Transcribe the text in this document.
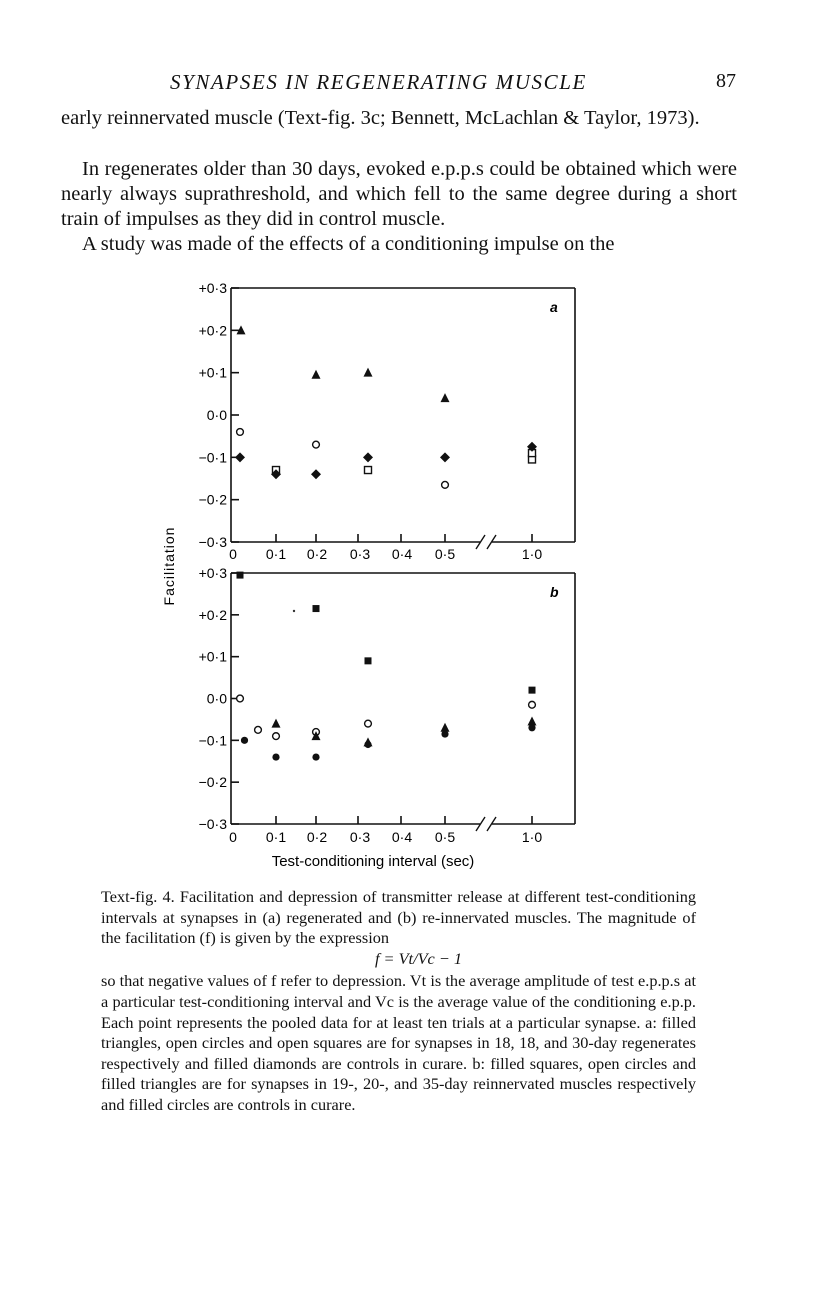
SYNAPSES IN REGENERATING MUSCLE	87

early reinnervated muscle (Text-fig. 3c; Bennett, McLachlan & Taylor, 1973).

In regenerates older than 30 days, evoked e.p.p.s could be obtained which were nearly always suprathreshold, and which fell to the same degree during a short train of impulses as they did in control muscle.

A study was made of the effects of a conditioning impulse on the

+0·3
+0·2
+0·1
0·0
−0·1
−0·2
−0·3
0 0·1 0·2 0·3 0·4 0·5	1·0
a
+0·3
+0·2
+0·1
0·0
−0·1
−0·2
−0·3
0 0·1 0·2 0·3 0·4 0·5	1·0
b
Facilitation
Test-conditioning interval (sec)

Text-fig. 4. Facilitation and depression of transmitter release at different test-conditioning intervals at synapses in (a) regenerated and (b) re-innervated muscles. The magnitude of the facilitation (f) is given by the expression

f = Vt/Vc − 1

so that negative values of f refer to depression. Vt is the average amplitude of test e.p.p.s at a particular test-conditioning interval and Vc is the average value of the conditioning e.p.p. Each point represents the pooled data for at least ten trials at a particular synapse. a: filled triangles, open circles and open squares are for synapses in 18, 18, and 30-day regenerates respectively and filled diamonds are controls in curare. b: filled squares, open circles and filled triangles are for synapses in 19-, 20-, and 35-day reinnervated muscles respectively and filled circles are controls in curare.
